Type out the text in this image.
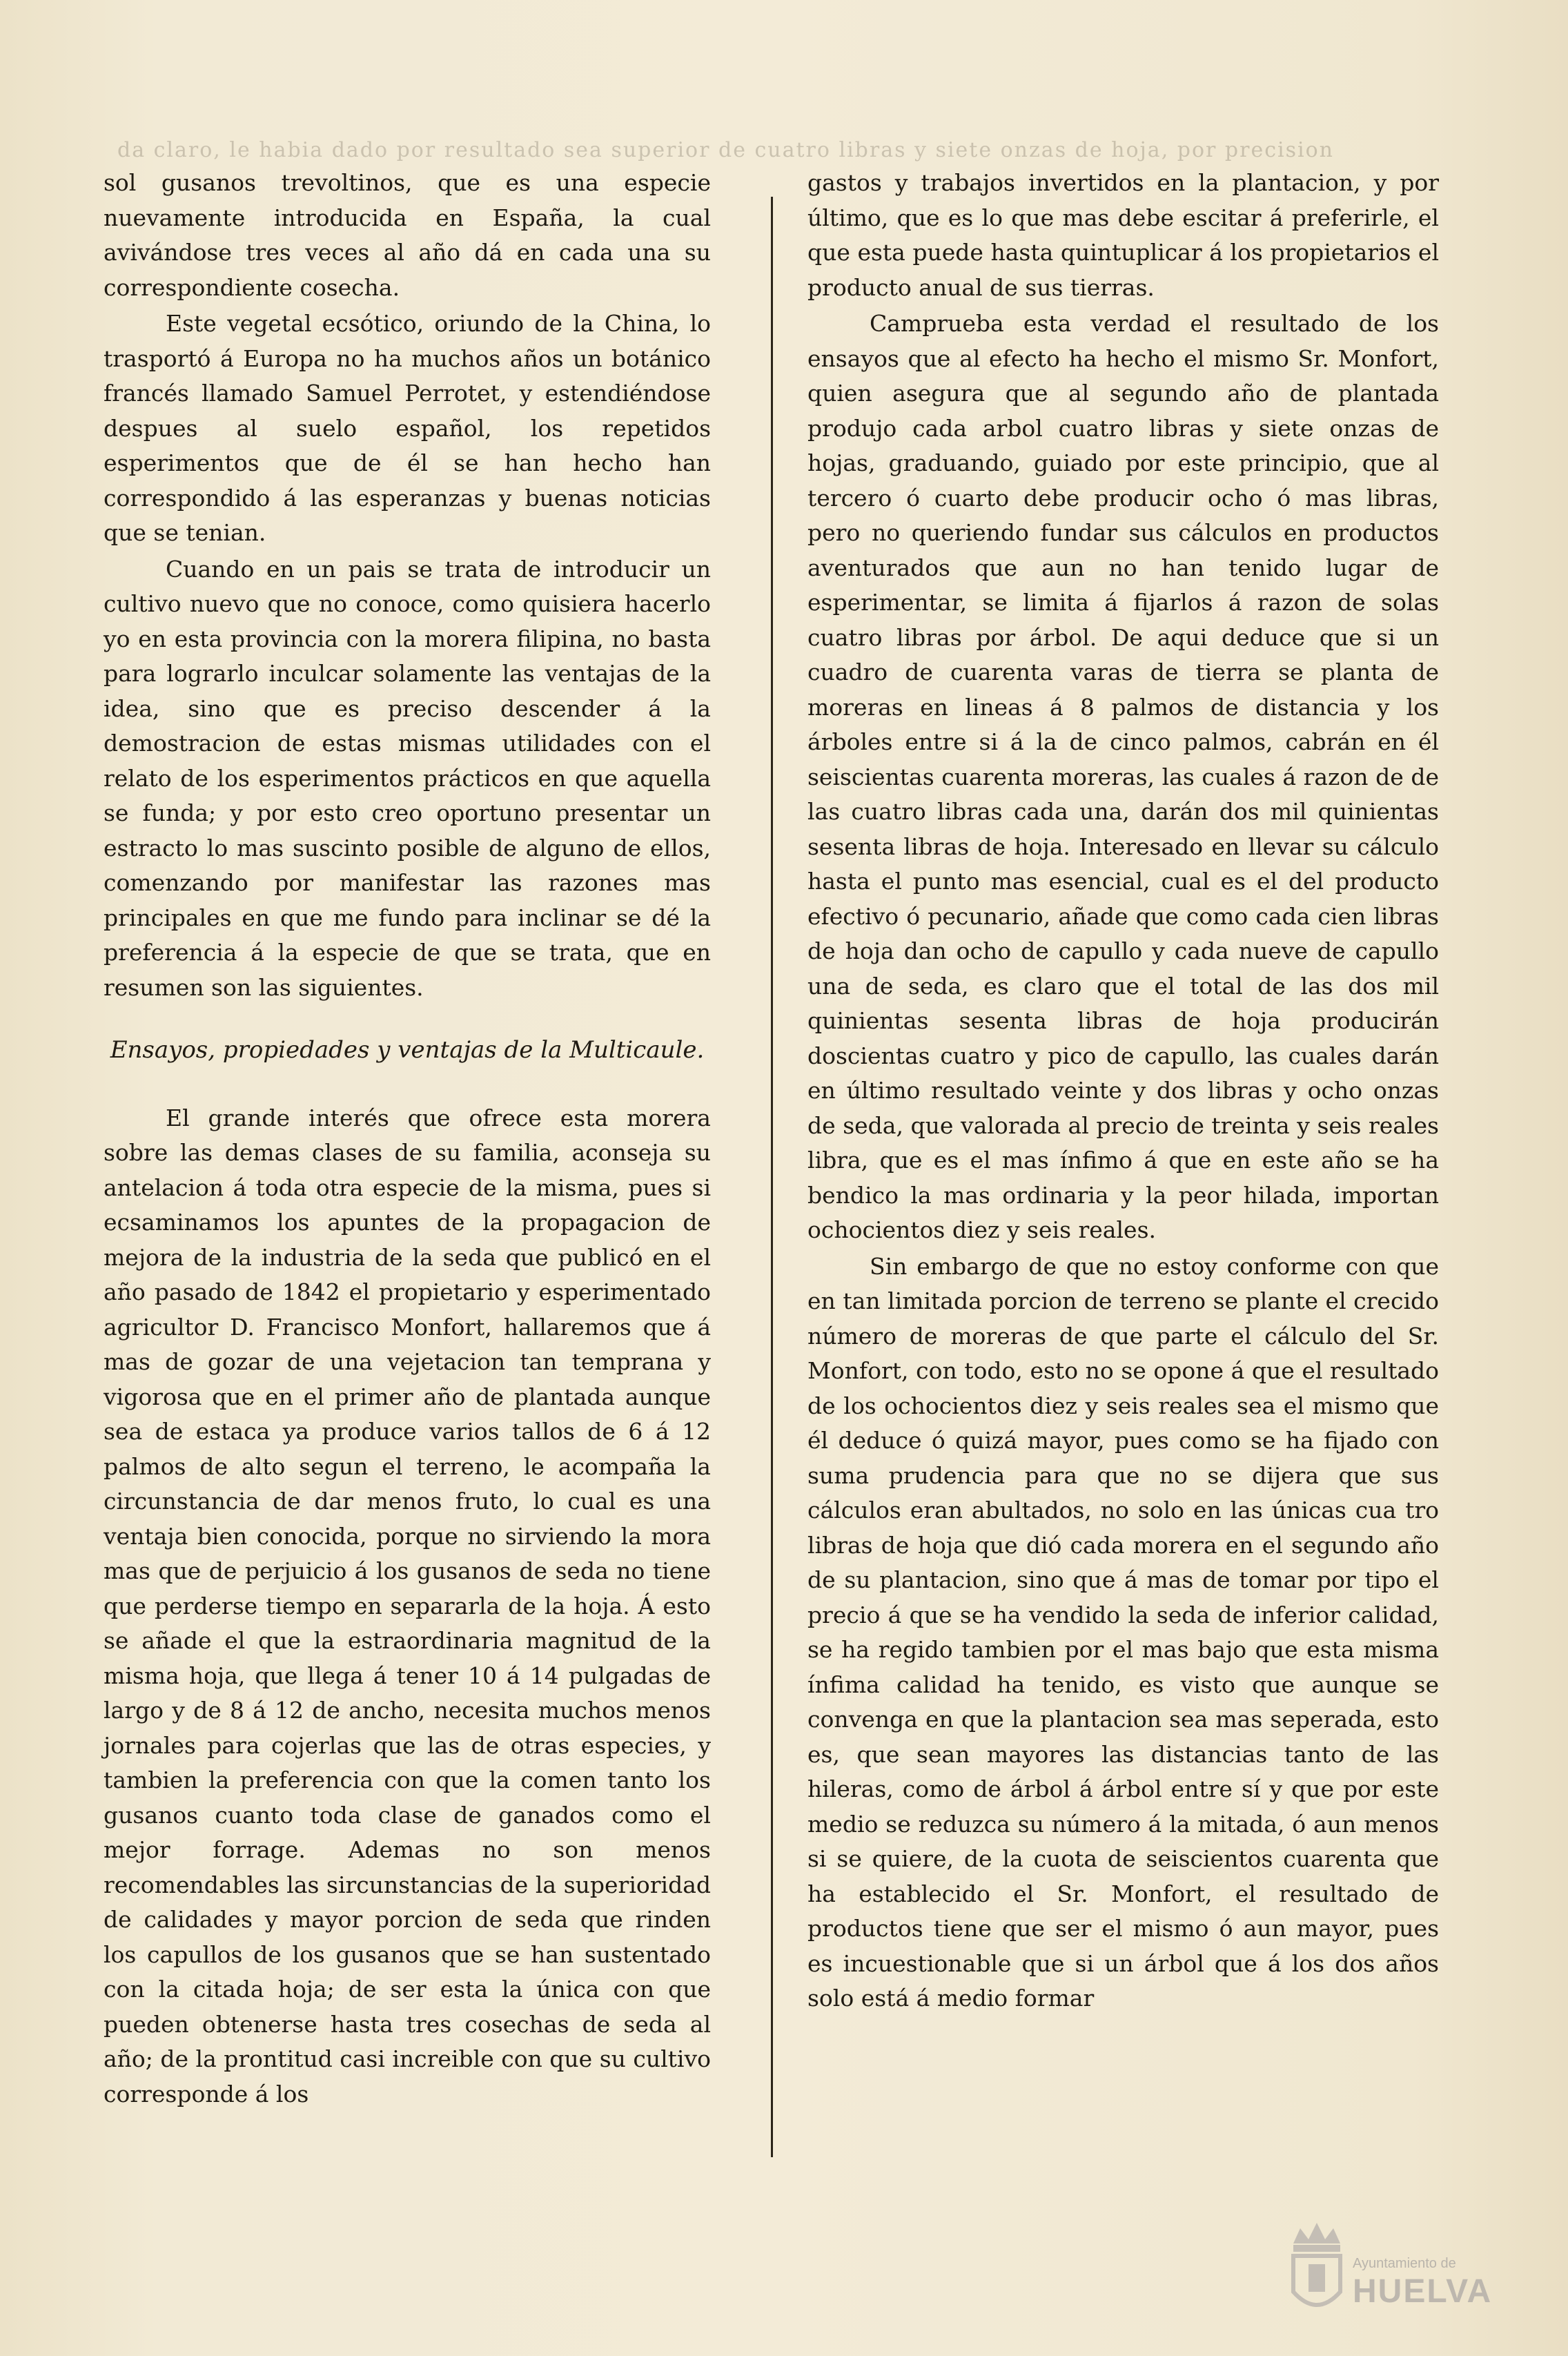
da claro, le habia dado por resultado sea superior de cuatro libras y siete onzas de hoja, por precision

sol gusanos trevoltinos, que es una especie nuevamente introducida en España, la cual avivándose tres veces al año dá en cada una su correspondiente cosecha.

Este vegetal ecsótico, oriundo de la China, lo trasportó á Europa no ha muchos años un botánico francés llamado Samuel Perrotet, y estendiéndose despues al suelo español, los repetidos esperimentos que de él se han hecho han correspondido á las esperanzas y buenas noticias que se tenian.

Cuando en un pais se trata de introducir un cultivo nuevo que no conoce, como quisiera hacerlo yo en esta provincia con la morera filipina, no basta para lograrlo inculcar solamente las ventajas de la idea, sino que es preciso descender á la demostracion de estas mismas utilidades con el relato de los esperimentos prácticos en que aquella se funda; y por esto creo oportuno presentar un estracto lo mas suscinto posible de alguno de ellos, comenzando por manifestar las razones mas principales en que me fundo para inclinar se dé la preferencia á la especie de que se trata, que en resumen son las siguientes.

Ensayos, propiedades y ventajas de la Multicaule.

El grande interés que ofrece esta morera sobre las demas clases de su familia, aconseja su antelacion á toda otra especie de la misma, pues si ecsaminamos los apuntes de la propagacion de mejora de la industria de la seda que publicó en el año pasado de 1842 el propietario y esperimentado agricultor D. Francisco Monfort, hallaremos que á mas de gozar de una vejetacion tan temprana y vigorosa que en el primer año de plantada aunque sea de estaca ya produce varios tallos de 6 á 12 palmos de alto segun el terreno, le acompaña la circunstancia de dar menos fruto, lo cual es una ventaja bien conocida, porque no sirviendo la mora mas que de perjuicio á los gusanos de seda no tiene que perderse tiempo en separarla de la hoja. Á esto se añade el que la estraordinaria magnitud de la misma hoja, que llega á tener 10 á 14 pulgadas de largo y de 8 á 12 de ancho, necesita muchos menos jornales para cojerlas que las de otras especies, y tambien la preferencia con que la comen tanto los gusanos cuanto toda clase de ganados como el mejor forrage. Ademas no son menos recomendables las sircunstancias de la superioridad de calidades y mayor porcion de seda que rinden los capullos de los gusanos que se han sustentado con la citada hoja; de ser esta la única con que pueden obtenerse hasta tres cosechas de seda al año; de la prontitud casi increible con que su cultivo corresponde á los

gastos y trabajos invertidos en la plantacion, y por último, que es lo que mas debe escitar á preferirle, el que esta puede hasta quintuplicar á los propietarios el producto anual de sus tierras.

Campruebа esta verdad el resultado de los ensayos que al efecto ha hecho el mismo Sr. Monfort, quien asegura que al segundo año de plantada produjo cada arbol cuatro libras y siete onzas de hojas, graduando, guiado por este principio, que al tercero ó cuarto debe producir ocho ó mas libras, pero no queriendo fundar sus cálculos en productos aventurados que aun no han tenido lugar de esperimentar, se limita á fijarlos á razon de solas cuatro libras por árbol. De aqui deduce que si un cuadro de cuarenta varas de tierra se planta de moreras en lineas á 8 palmos de distancia y los árboles entre si á la de cinco palmos, cabrán en él seiscientas cuarenta moreras, las cuales á razon de de las cuatro libras cada una, darán dos mil quinientas sesenta libras de hoja. Interesado en llevar su cálculo hasta el punto mas esencial, cual es el del producto efectivo ó pecunario, añade que como cada cien libras de hoja dan ocho de capullo y cada nueve de capullo una de seda, es claro que el total de las dos mil quinientas sesenta libras de hoja producirán doscientas cuatro y pico de capullo, las cuales darán en último resultado veinte y dos libras y ocho onzas de seda, que valorada al precio de treinta y seis reales libra, que es el mas ínfimo á que en este año se ha bendico la mas ordinaria y la peor hilada, importan ochocientos diez y seis reales.

Sin embargo de que no estoy conforme con que en tan limitada porcion de terreno se plante el crecido número de moreras de que parte el cálculo del Sr. Monfort, con todo, esto no se opone á que el resultado de los ochocientos diez y seis reales sea el mismo que él deduce ó quizá mayor, pues como se ha fijado con suma prudencia para que no se dijera que sus cálculos eran abultados, no solo en las únicas cua tro libras de hoja que dió cada morera en el segundo año de su plantacion, sino que á mas de tomar por tipo el precio á que se ha vendido la seda de inferior calidad, se ha regido tambien por el mas bajo que esta misma ínfima calidad ha tenido, es visto que aunque se convenga en que la plantacion sea mas seperada, esto es, que sean mayores las distancias tanto de las hileras, como de árbol á árbol entre sí y que por este medio se reduzca su número á la mitada, ó aun menos si se quiere, de la cuota de seiscientos cuarenta que ha establecido el Sr. Monfort, el resultado de productos tiene que ser el mismo ó aun mayor, pues es incuestionable que si un árbol que á los dos años solo está á medio formar

Ayuntamiento de
HUELVA
